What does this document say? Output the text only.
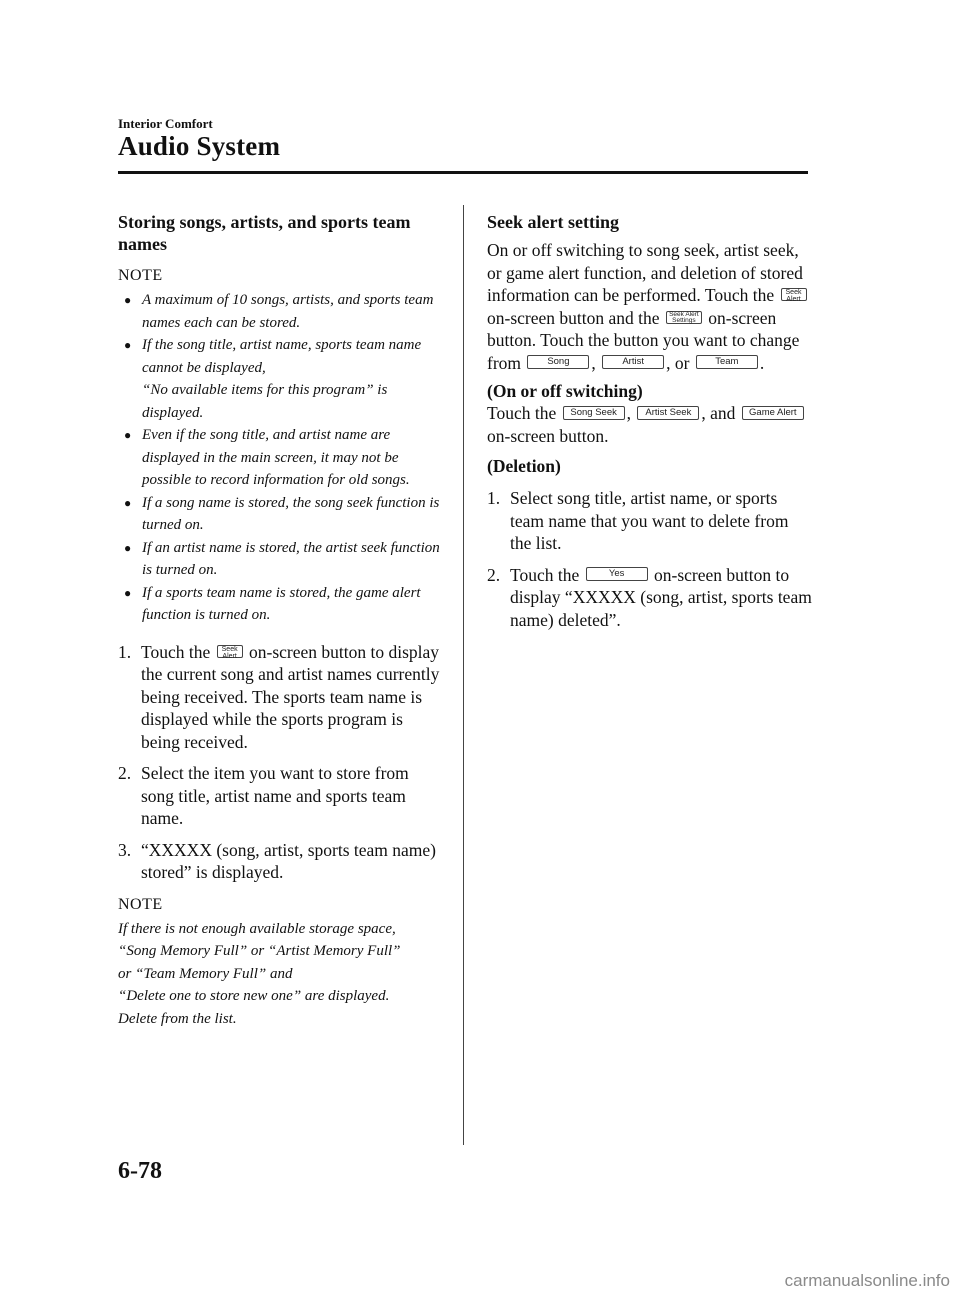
Interior Comfort
Audio System
Storing songs, artists, and sports team names
NOTE
● A maximum of 10 songs, artists, and sports team names each can be stored.
● If the song title, artist name, sports team name cannot be displayed,
“No available items for this program” is displayed.
● Even if the song title, and artist name are displayed in the main screen, it may not be possible to record information for old songs.
● If a song name is stored, the song seek function is turned on.
● If an artist name is stored, the artist seek function is turned on.
● If a sports team name is stored, the game alert function is turned on.
1. Touch the Seek Alert on-screen button to display the current song and artist names currently being received. The sports team name is displayed while the sports program is being received.
2. Select the item you want to store from song title, artist name and sports team name.
3. “XXXXX (song, artist, sports team name) stored” is displayed.
NOTE
If there is not enough available storage space,
“Song Memory Full” or “Artist Memory Full”
or “Team Memory Full” and
“Delete one to store new one” are displayed.
Delete from the list.
Seek alert setting

On or off switching to song seek, artist seek, or game alert function, and deletion of stored information can be performed. Touch the Seek Alert on-screen button and the Seek Alert Settings on-screen button. Touch the button you want to change from	Song ,	Artist , or	Team .

(On or off switching)

Touch the Song Seek , Artist Seek , and Game Alert on-screen button.

(Deletion)
1. Select song title, artist name, or sports team name that you want to delete from the list.
2. Touch the	Yes on-screen button to display “XXXXX (song, artist, sports team name) deleted”.
6-78
carmanualsonline.info
